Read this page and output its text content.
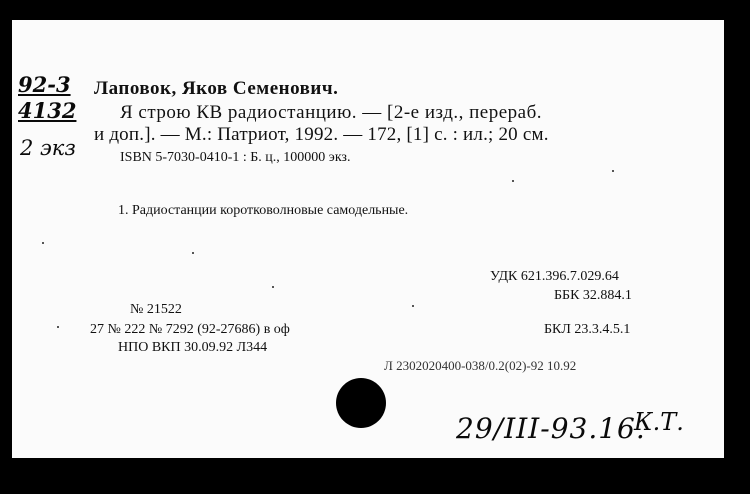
92-3
4132
2 экз
Лаповок, Яков Семенович.
Я строю КВ радиостанцию. — [2-е изд., перераб.
и доп.]. — М.: Патриот, 1992. — 172, [1] с. : ил.; 20 см.
ISBN 5-7030-0410-1 : Б. ц., 100000 экз.
1. Радиостанции коротковолновые самодельные.
УДК 621.396.7.029.64
ББК 32.884.1
№ 21522
27 № 222 № 7292 (92-27686) в оф
НПО ВКП 30.09.92 Л344
БКЛ 23.3.4.5.1
Л 2302020400-038/0.2(02)-92 10.92
29/III-93.16.
К.Т.
